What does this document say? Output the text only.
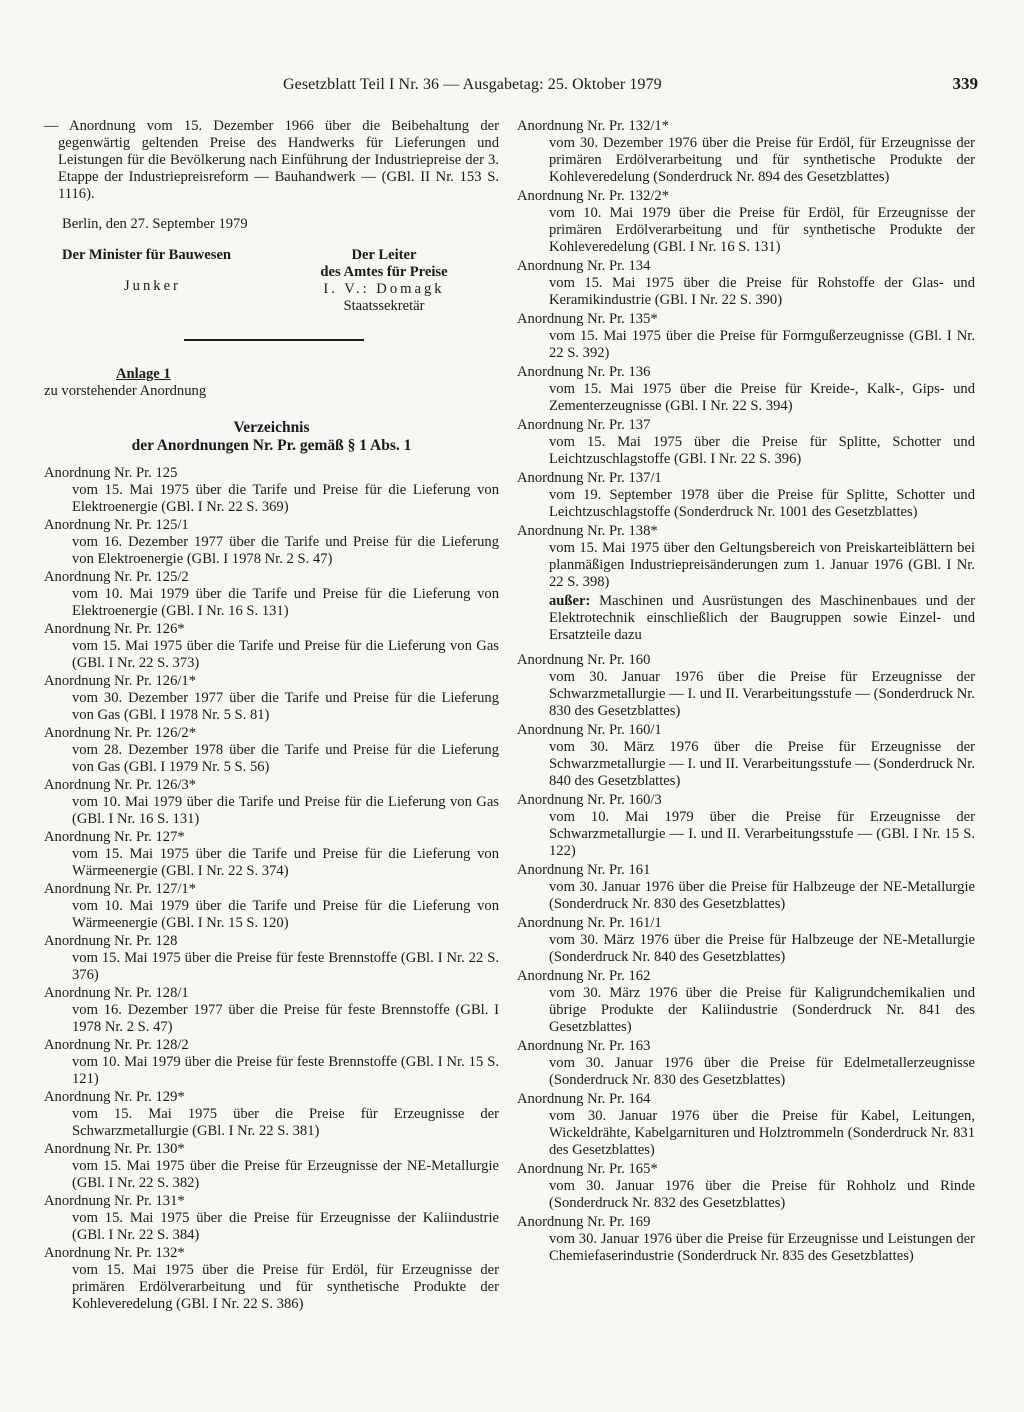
Gesetzblatt Teil I Nr. 36 — Ausgabetag: 25. Oktober 1979	339

— Anordnung vom 15. Dezember 1966 über die Beibehaltung der gegenwärtig geltenden Preise des Handwerks für Lieferungen und Leistungen für die Bevölkerung nach Einführung der Industriepreise der 3. Etappe der Industriepreisreform — Bauhandwerk — (GBl. II Nr. 153 S. 1116).

Berlin, den 27. September 1979

Der Minister für Bauwesen
Junker
Der Leiter
des Amtes für Preise
I. V.: Domagk
Staatssekretär
Anlage 1
zu vorstehender Anordnung
Verzeichnis
der Anordnungen Nr. Pr. gemäß § 1 Abs. 1
Anordnung Nr. Pr. 125
vom 15. Mai 1975 über die Tarife und Preise für die Lieferung von Elektroenergie (GBl. I Nr. 22 S. 369)
Anordnung Nr. Pr. 125/1
vom 16. Dezember 1977 über die Tarife und Preise für die Lieferung von Elektroenergie (GBl. I 1978 Nr. 2 S. 47)
Anordnung Nr. Pr. 125/2
vom 10. Mai 1979 über die Tarife und Preise für die Lieferung von Elektroenergie (GBl. I Nr. 16 S. 131)
Anordnung Nr. Pr. 126*
vom 15. Mai 1975 über die Tarife und Preise für die Lieferung von Gas (GBl. I Nr. 22 S. 373)
Anordnung Nr. Pr. 126/1*
vom 30. Dezember 1977 über die Tarife und Preise für die Lieferung von Gas (GBl. I 1978 Nr. 5 S. 81)
Anordnung Nr. Pr. 126/2*
vom 28. Dezember 1978 über die Tarife und Preise für die Lieferung von Gas (GBl. I 1979 Nr. 5 S. 56)
Anordnung Nr. Pr. 126/3*
vom 10. Mai 1979 über die Tarife und Preise für die Lieferung von Gas (GBl. I Nr. 16 S. 131)
Anordnung Nr. Pr. 127*
vom 15. Mai 1975 über die Tarife und Preise für die Lieferung von Wärmeenergie (GBl. I Nr. 22 S. 374)
Anordnung Nr. Pr. 127/1*
vom 10. Mai 1979 über die Tarife und Preise für die Lieferung von Wärmeenergie (GBl. I Nr. 15 S. 120)
Anordnung Nr. Pr. 128
vom 15. Mai 1975 über die Preise für feste Brennstoffe (GBl. I Nr. 22 S. 376)
Anordnung Nr. Pr. 128/1
vom 16. Dezember 1977 über die Preise für feste Brennstoffe (GBl. I 1978 Nr. 2 S. 47)
Anordnung Nr. Pr. 128/2
vom 10. Mai 1979 über die Preise für feste Brennstoffe (GBl. I Nr. 15 S. 121)
Anordnung Nr. Pr. 129*
vom 15. Mai 1975 über die Preise für Erzeugnisse der Schwarzmetallurgie (GBl. I Nr. 22 S. 381)
Anordnung Nr. Pr. 130*
vom 15. Mai 1975 über die Preise für Erzeugnisse der NE-Metallurgie (GBl. I Nr. 22 S. 382)
Anordnung Nr. Pr. 131*
vom 15. Mai 1975 über die Preise für Erzeugnisse der Kaliindustrie (GBl. I Nr. 22 S. 384)
Anordnung Nr. Pr. 132*
vom 15. Mai 1975 über die Preise für Erdöl, für Erzeugnisse der primären Erdölverarbeitung und für synthetische Produkte der Kohleveredelung (GBl. I Nr. 22 S. 386)
Anordnung Nr. Pr. 132/1*
vom 30. Dezember 1976 über die Preise für Erdöl, für Erzeugnisse der primären Erdölverarbeitung und für synthetische Produkte der Kohleveredelung (Sonderdruck Nr. 894 des Gesetzblattes)
Anordnung Nr. Pr. 132/2*
vom 10. Mai 1979 über die Preise für Erdöl, für Erzeugnisse der primären Erdölverarbeitung und für synthetische Produkte der Kohleveredelung (GBl. I Nr. 16 S. 131)
Anordnung Nr. Pr. 134
vom 15. Mai 1975 über die Preise für Rohstoffe der Glas- und Keramikindustrie (GBl. I Nr. 22 S. 390)
Anordnung Nr. Pr. 135*
vom 15. Mai 1975 über die Preise für Formgußerzeugnisse (GBl. I Nr. 22 S. 392)
Anordnung Nr. Pr. 136
vom 15. Mai 1975 über die Preise für Kreide-, Kalk-, Gips- und Zementerzeugnisse (GBl. I Nr. 22 S. 394)
Anordnung Nr. Pr. 137
vom 15. Mai 1975 über die Preise für Splitte, Schotter und Leichtzuschlagstoffe (GBl. I Nr. 22 S. 396)
Anordnung Nr. Pr. 137/1
vom 19. September 1978 über die Preise für Splitte, Schotter und Leichtzuschlagstoffe (Sonderdruck Nr. 1001 des Gesetzblattes)
Anordnung Nr. Pr. 138*
vom 15. Mai 1975 über den Geltungsbereich von Preiskarteiblättern bei planmäßigen Industriepreisänderungen zum 1. Januar 1976 (GBl. I Nr. 22 S. 398)

außer: Maschinen und Ausrüstungen des Maschinenbaues und der Elektrotechnik einschließlich der Baugruppen sowie Einzel- und Ersatzteile dazu

Anordnung Nr. Pr. 160
vom 30. Januar 1976 über die Preise für Erzeugnisse der Schwarzmetallurgie — I. und II. Verarbeitungsstufe — (Sonderdruck Nr. 830 des Gesetzblattes)
Anordnung Nr. Pr. 160/1
vom 30. März 1976 über die Preise für Erzeugnisse der Schwarzmetallurgie — I. und II. Verarbeitungsstufe — (Sonderdruck Nr. 840 des Gesetzblattes)
Anordnung Nr. Pr. 160/3
vom 10. Mai 1979 über die Preise für Erzeugnisse der Schwarzmetallurgie — I. und II. Verarbeitungsstufe — (GBl. I Nr. 15 S. 122)
Anordnung Nr. Pr. 161
vom 30. Januar 1976 über die Preise für Halbzeuge der NE-Metallurgie (Sonderdruck Nr. 830 des Gesetzblattes)
Anordnung Nr. Pr. 161/1
vom 30. März 1976 über die Preise für Halbzeuge der NE-Metallurgie (Sonderdruck Nr. 840 des Gesetzblattes)
Anordnung Nr. Pr. 162
vom 30. März 1976 über die Preise für Kaligrundchemikalien und übrige Produkte der Kaliindustrie (Sonderdruck Nr. 841 des Gesetzblattes)
Anordnung Nr. Pr. 163
vom 30. Januar 1976 über die Preise für Edelmetallerzeugnisse (Sonderdruck Nr. 830 des Gesetzblattes)
Anordnung Nr. Pr. 164
vom 30. Januar 1976 über die Preise für Kabel, Leitungen, Wickeldrähte, Kabelgarnituren und Holztrommeln (Sonderdruck Nr. 831 des Gesetzblattes)
Anordnung Nr. Pr. 165*
vom 30. Januar 1976 über die Preise für Rohholz und Rinde (Sonderdruck Nr. 832 des Gesetzblattes)
Anordnung Nr. Pr. 169
vom 30. Januar 1976 über die Preise für Erzeugnisse und Leistungen der Chemiefaserindustrie (Sonderdruck Nr. 835 des Gesetzblattes)
